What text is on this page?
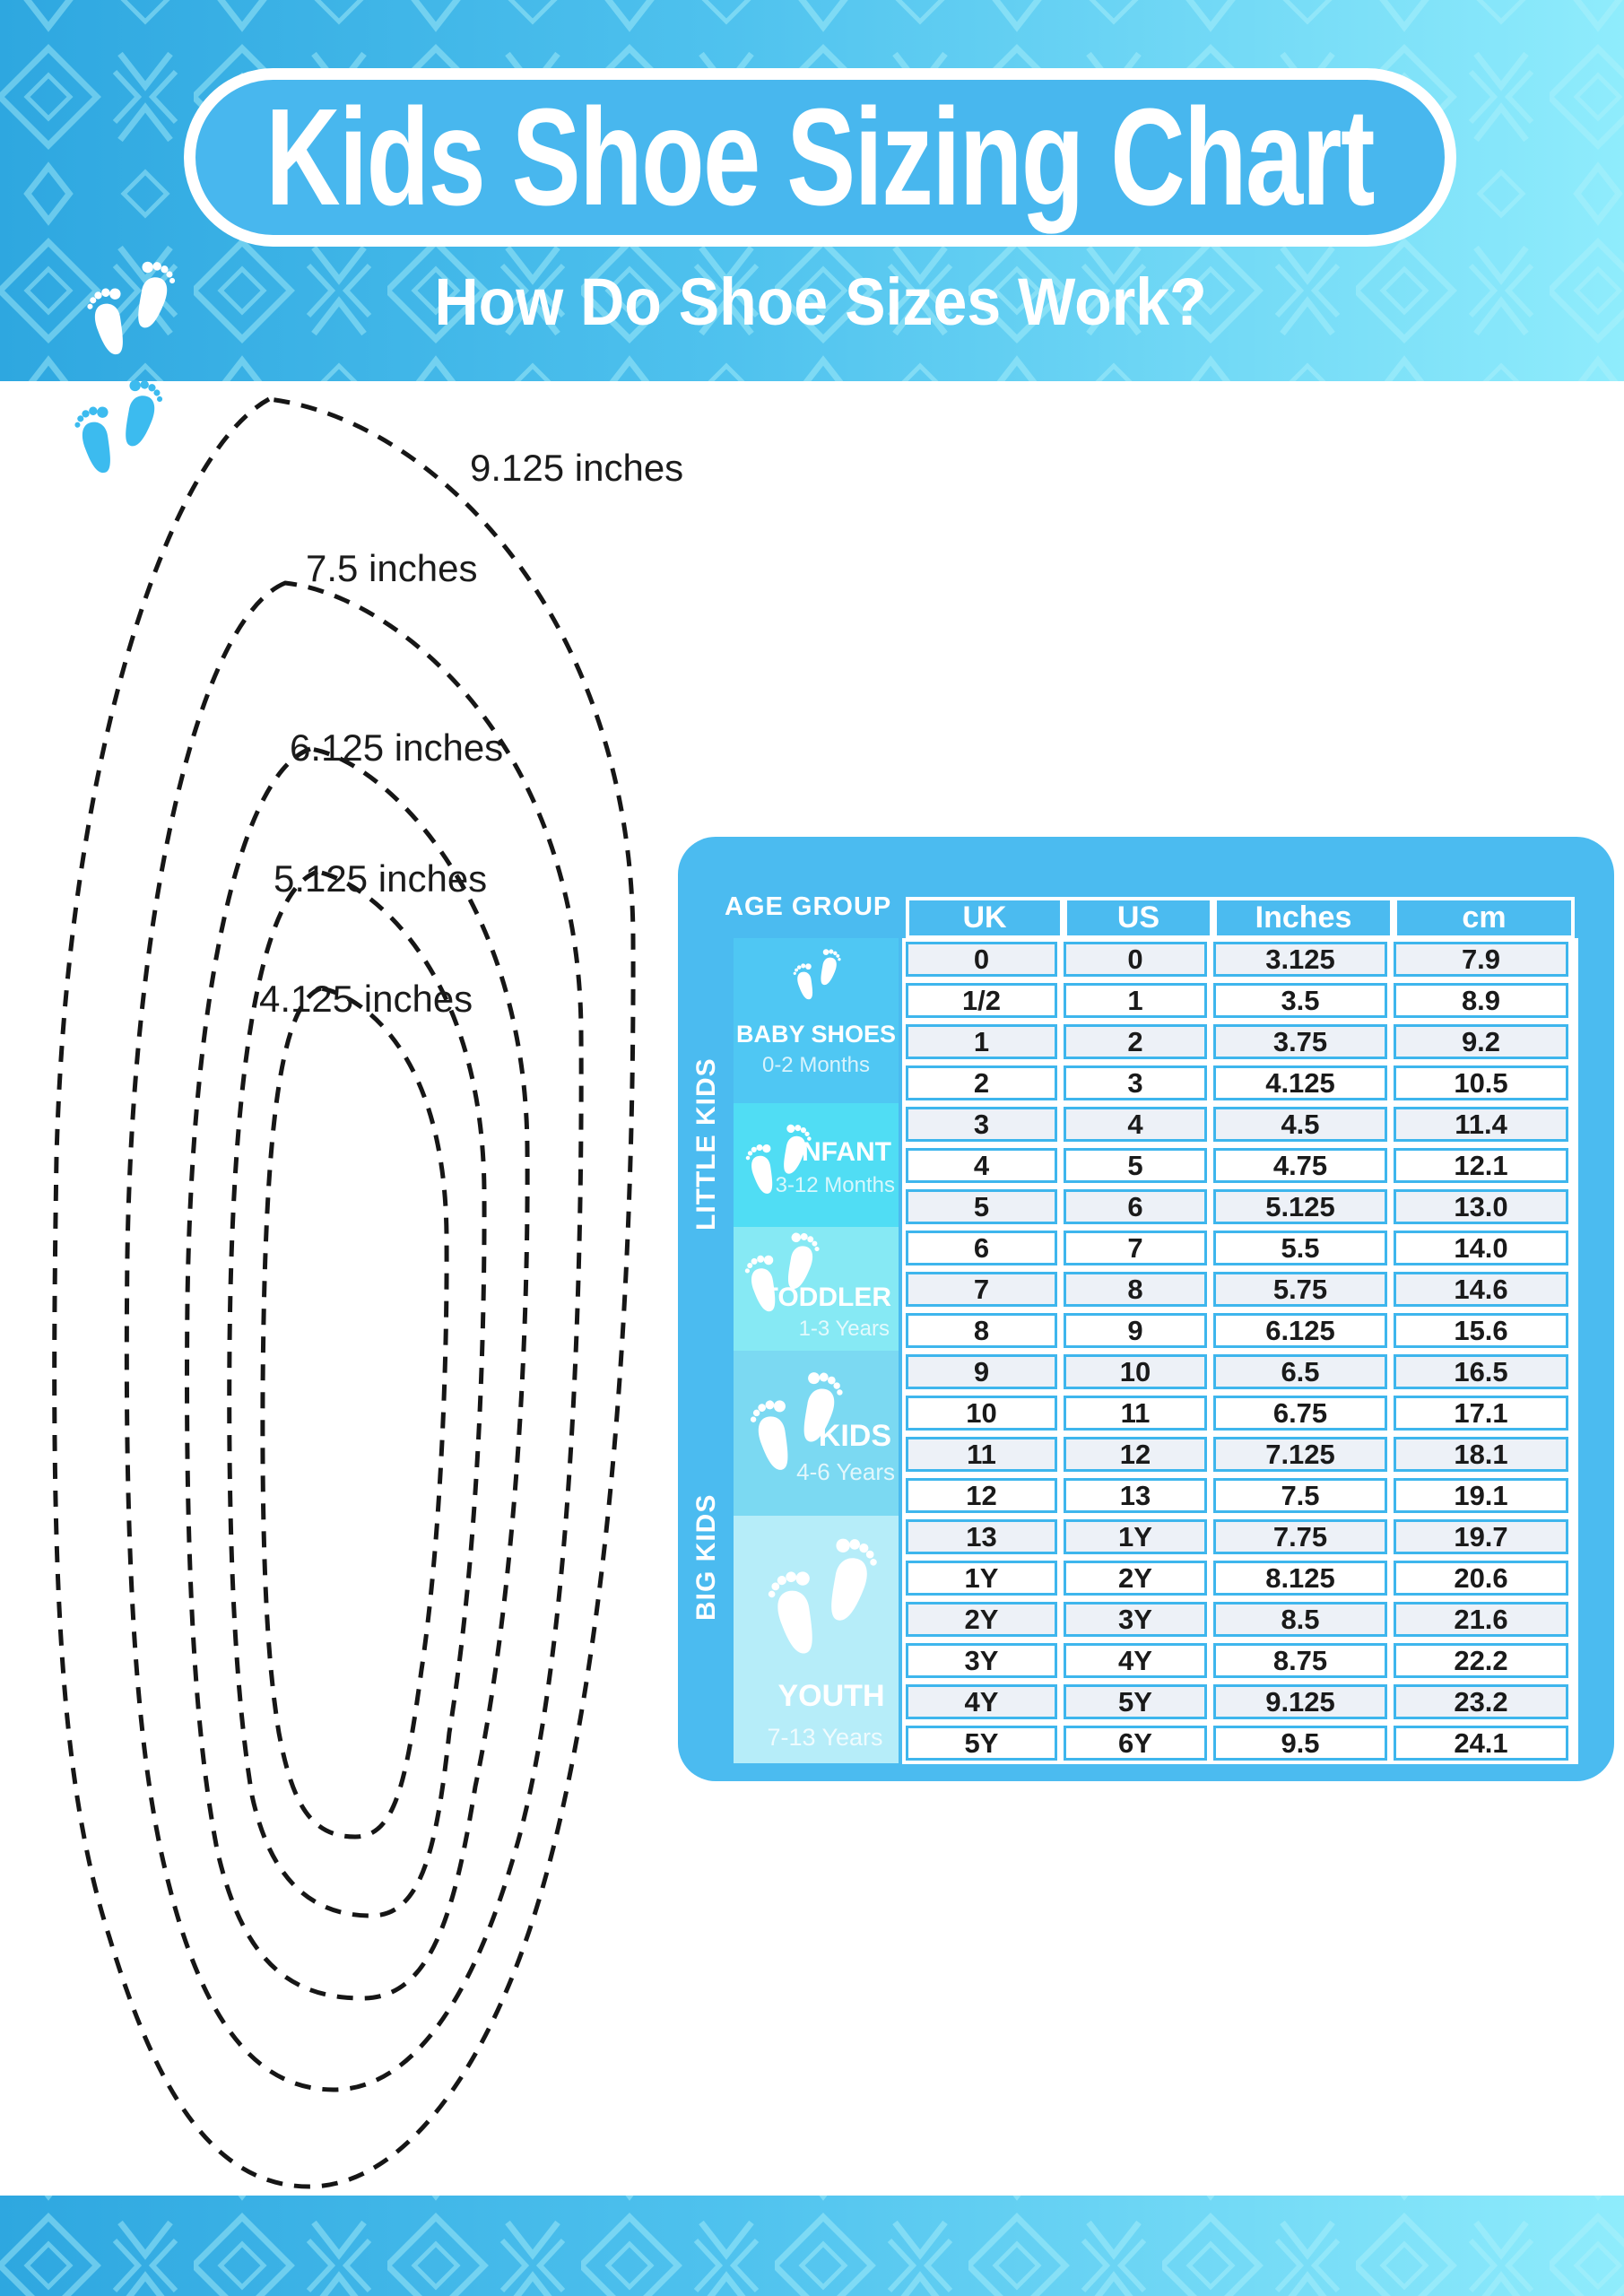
Kids Shoe Sizing Chart
How Do Shoe Sizes Work?
9.125 inches
7.5 inches
6.125 inches
5.125 inches
4.125 inches
AGE GROUP
LITTLE KIDS
BIG KIDS
BABY SHOES
0-2 Months
INFANT
3-12 Months
TODDLER
1-3 Years
KIDS
4-6 Years
YOUTH
7-13 Years
UK	US	Inches	cm
0	0	3.125	7.9
1/2	1	3.5	8.9
1	2	3.75	9.2
2	3	4.125	10.5
3	4	4.5	11.4
4	5	4.75	12.1
5	6	5.125	13.0
6	7	5.5	14.0
7	8	5.75	14.6
8	9	6.125	15.6
9	10	6.5	16.5
10	11	6.75	17.1
11	12	7.125	18.1
12	13	7.5	19.1
13	1Y	7.75	19.7
1Y	2Y	8.125	20.6
2Y	3Y	8.5	21.6
3Y	4Y	8.75	22.2
4Y	5Y	9.125	23.2
5Y	6Y	9.5	24.1
